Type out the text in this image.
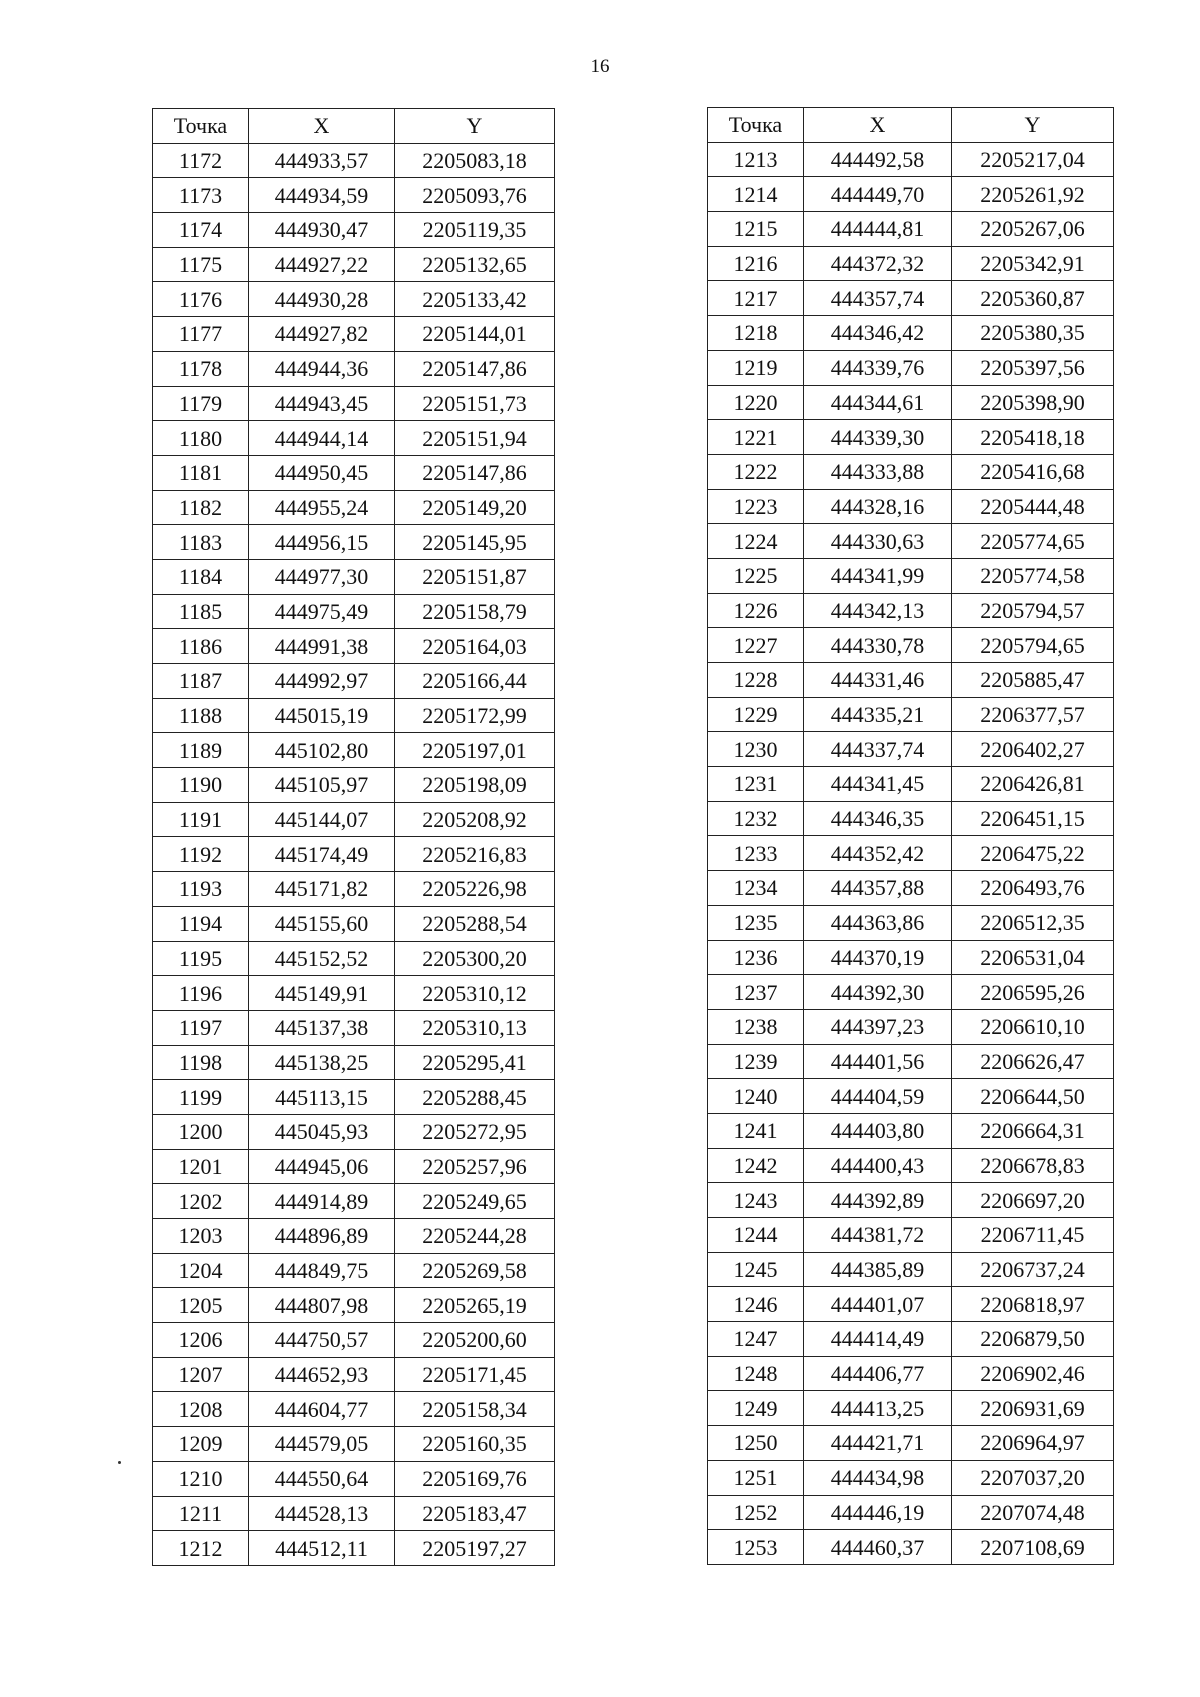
16
Точка	X	Y
1172	444933,57	2205083,18
1173	444934,59	2205093,76
1174	444930,47	2205119,35
1175	444927,22	2205132,65
1176	444930,28	2205133,42
1177	444927,82	2205144,01
1178	444944,36	2205147,86
1179	444943,45	2205151,73
1180	444944,14	2205151,94
1181	444950,45	2205147,86
1182	444955,24	2205149,20
1183	444956,15	2205145,95
1184	444977,30	2205151,87
1185	444975,49	2205158,79
1186	444991,38	2205164,03
1187	444992,97	2205166,44
1188	445015,19	2205172,99
1189	445102,80	2205197,01
1190	445105,97	2205198,09
1191	445144,07	2205208,92
1192	445174,49	2205216,83
1193	445171,82	2205226,98
1194	445155,60	2205288,54
1195	445152,52	2205300,20
1196	445149,91	2205310,12
1197	445137,38	2205310,13
1198	445138,25	2205295,41
1199	445113,15	2205288,45
1200	445045,93	2205272,95
1201	444945,06	2205257,96
1202	444914,89	2205249,65
1203	444896,89	2205244,28
1204	444849,75	2205269,58
1205	444807,98	2205265,19
1206	444750,57	2205200,60
1207	444652,93	2205171,45
1208	444604,77	2205158,34
1209	444579,05	2205160,35
1210	444550,64	2205169,76
1211	444528,13	2205183,47
1212	444512,11	2205197,27
Точка	X	Y
1213	444492,58	2205217,04
1214	444449,70	2205261,92
1215	444444,81	2205267,06
1216	444372,32	2205342,91
1217	444357,74	2205360,87
1218	444346,42	2205380,35
1219	444339,76	2205397,56
1220	444344,61	2205398,90
1221	444339,30	2205418,18
1222	444333,88	2205416,68
1223	444328,16	2205444,48
1224	444330,63	2205774,65
1225	444341,99	2205774,58
1226	444342,13	2205794,57
1227	444330,78	2205794,65
1228	444331,46	2205885,47
1229	444335,21	2206377,57
1230	444337,74	2206402,27
1231	444341,45	2206426,81
1232	444346,35	2206451,15
1233	444352,42	2206475,22
1234	444357,88	2206493,76
1235	444363,86	2206512,35
1236	444370,19	2206531,04
1237	444392,30	2206595,26
1238	444397,23	2206610,10
1239	444401,56	2206626,47
1240	444404,59	2206644,50
1241	444403,80	2206664,31
1242	444400,43	2206678,83
1243	444392,89	2206697,20
1244	444381,72	2206711,45
1245	444385,89	2206737,24
1246	444401,07	2206818,97
1247	444414,49	2206879,50
1248	444406,77	2206902,46
1249	444413,25	2206931,69
1250	444421,71	2206964,97
1251	444434,98	2207037,20
1252	444446,19	2207074,48
1253	444460,37	2207108,69
